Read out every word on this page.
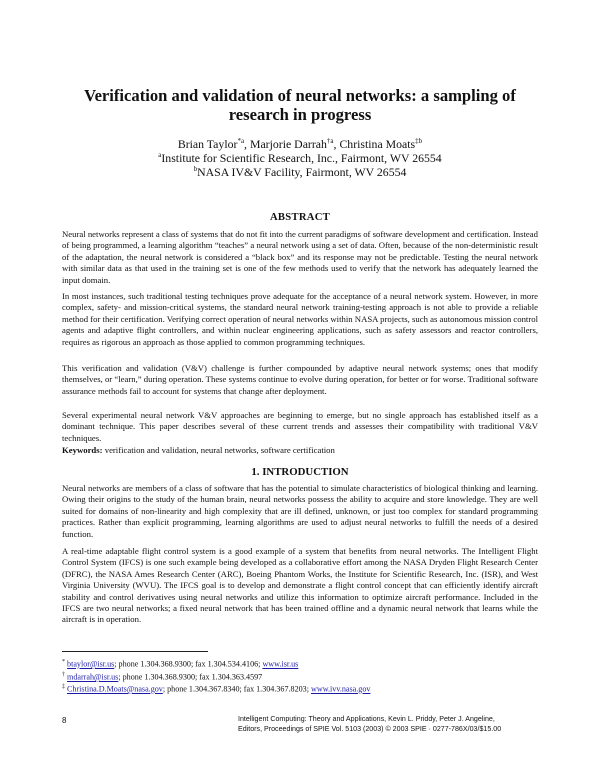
Verification and validation of neural networks: a sampling of
research in progress
Brian Taylor$^{*a}$, Marjorie Darrah$^{\dagger a}$, Christina Moats$^{\ddagger b}$
$^a$Institute for Scientific Research, Inc., Fairmont, WV 26554
$^b$NASA IV&V Facility, Fairmont, WV 26554
ABSTRACT

Neural networks represent a class of systems that do not fit into the current paradigms of software development and certification. Instead of being programmed, a learning algorithm “teaches” a neural network using a set of data. Often, because of the non-deterministic result of the adaptation, the neural network is considered a “black box” and its response may not be predictable. Testing the neural network with similar data as that used in the training set is one of the few methods used to verify that the network has adequately learned the input domain.

In most instances, such traditional testing techniques prove adequate for the acceptance of a neural network system. However, in more complex, safety- and mission-critical systems, the standard neural network training-testing approach is not able to provide a reliable method for their certification. Verifying correct operation of neural networks within NASA projects, such as autonomous mission control agents and adaptive flight controllers, and within nuclear engineering applications, such as safety assessors and reactor controllers, requires as rigorous an approach as those applied to common programming techniques.

This verification and validation (V&V) challenge is further compounded by adaptive neural network systems; ones that modify themselves, or “learn,” during operation. These systems continue to evolve during operation, for better or for worse. Traditional software assurance methods fail to account for systems that change after deployment.

Several experimental neural network V&V approaches are beginning to emerge, but no single approach has established itself as a dominant technique. This paper describes several of these current trends and assesses their compatibility with traditional V&V techniques.

Keywords: verification and validation, neural networks, software certification

1. INTRODUCTION

Neural networks are members of a class of software that has the potential to simulate characteristics of biological thinking and learning. Owing their origins to the study of the human brain, neural networks possess the ability to acquire and store knowledge. They are well suited for domains of non-linearity and high complexity that are ill defined, unknown, or just too complex for standard programming practices. Rather than explicit programming, learning algorithms are used to adjust neural networks to fulfill the needs of a desired function.

A real-time adaptable flight control system is a good example of a system that benefits from neural networks. The Intelligent Flight Control System (IFCS) is one such example being developed as a collaborative effort among the NASA Dryden Flight Research Center (DFRC), the NASA Ames Research Center (ARC), Boeing Phantom Works, the Institute for Scientific Research, Inc. (ISR), and West Virginia University (WVU). The IFCS goal is to develop and demonstrate a flight control concept that can efficiently identify aircraft stability and control derivatives using neural networks and utilize this information to optimize aircraft performance. Included in the IFCS are two neural networks; a fixed neural network that has been trained offline and a dynamic neural network that learns while the aircraft is in operation.

* btaylor@isr.us; phone 1.304.368.9300; fax 1.304.534.4106; www.isr.us
† mdarrah@isr.us; phone 1.304.368.9300; fax 1.304.363.4597
‡ Christina.D.Moats@nasa.gov; phone 1.304.367.8340; fax 1.304.367.8203; www.ivv.nasa.gov
8	Intelligent Computing: Theory and Applications, Kevin L. Priddy, Peter J. Angeline,
Editors, Proceedings of SPIE Vol. 5103 (2003) © 2003 SPIE · 0277-786X/03/$15.00
